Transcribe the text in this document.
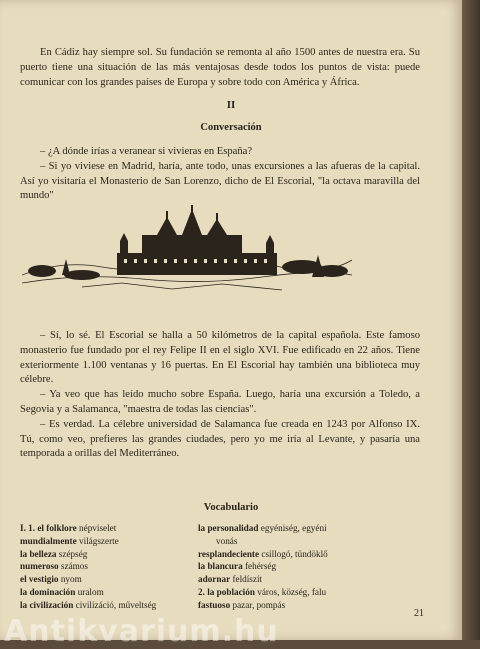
En Cádiz hay siempre sol. Su fundación se remonta al año 1500 antes de nuestra era. Su puerto tiene una situación de las más ventajosas desde todos los puntos de vista: puede comunicar con los grandes países de Europa y sobre todo con América y África.

II
Conversación

– ¿A dónde irías a veranear si vivieras en España?

– Si yo viviese en Madrid, haría, ante todo, unas excursiones a las afueras de la capital. Así yo visitaría el Monasterio de San Lorenzo, dicho de El Escorial, "la octava maravilla del mundo"

– Sí, lo sé. El Escorial se halla a 50 kilómetros de la capital española. Este famoso monasterio fue fundado por el rey Felipe II en el siglo XVI. Fue edificado en 22 años. Tiene exteriormente 1.100 ventanas y 16 puertas. En El Escorial hay también una biblioteca muy célebre.

– Ya veo que has leído mucho sobre España. Luego, haría una excursión a Toledo, a Segovia y a Salamanca, "maestra de todas las ciencias".

– Es verdad. La célebre universidad de Salamanca fue creada en 1243 por Alfonso IX. Tú, como veo, prefieres las grandes ciudades, pero yo me iría al Levante, y pasaría una temporada a orillas del Mediterráneo.

Vocabulario
I. 1. el folklore népviselet
mundialmente világszerte
la belleza szépség
numeroso számos
el vestigio nyom
la dominación uralom
la civilización civilizáció, műveltség
la personalidad egyéniség, egyéni
vonás
resplandeciente csillogó, tündöklő
la blancura fehérség
adornar feldíszít
2. la población város, község, falu
fastuoso pazar, pompás
21
Antikvarium.hu
